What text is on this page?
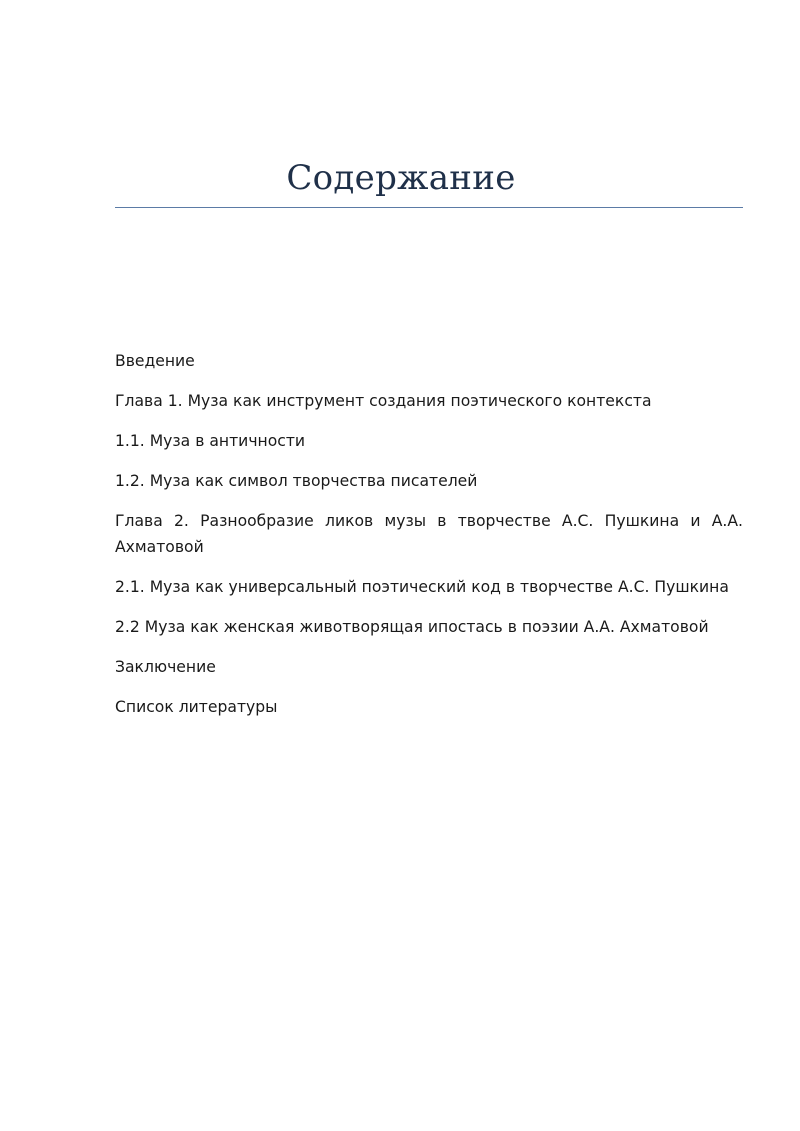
Содержание
Введение
Глава 1. Муза как инструмент создания поэтического контекста
1.1. Муза в античности
1.2. Муза как символ творчества писателей
Глава 2. Разнообразие ликов музы в творчестве А.С. Пушкина и А.А. Ахматовой
2.1. Муза как универсальный поэтический код в творчестве А.С. Пушкина
2.2 Муза как женская животворящая ипостась в поэзии А.А. Ахматовой
Заключение
Список литературы
